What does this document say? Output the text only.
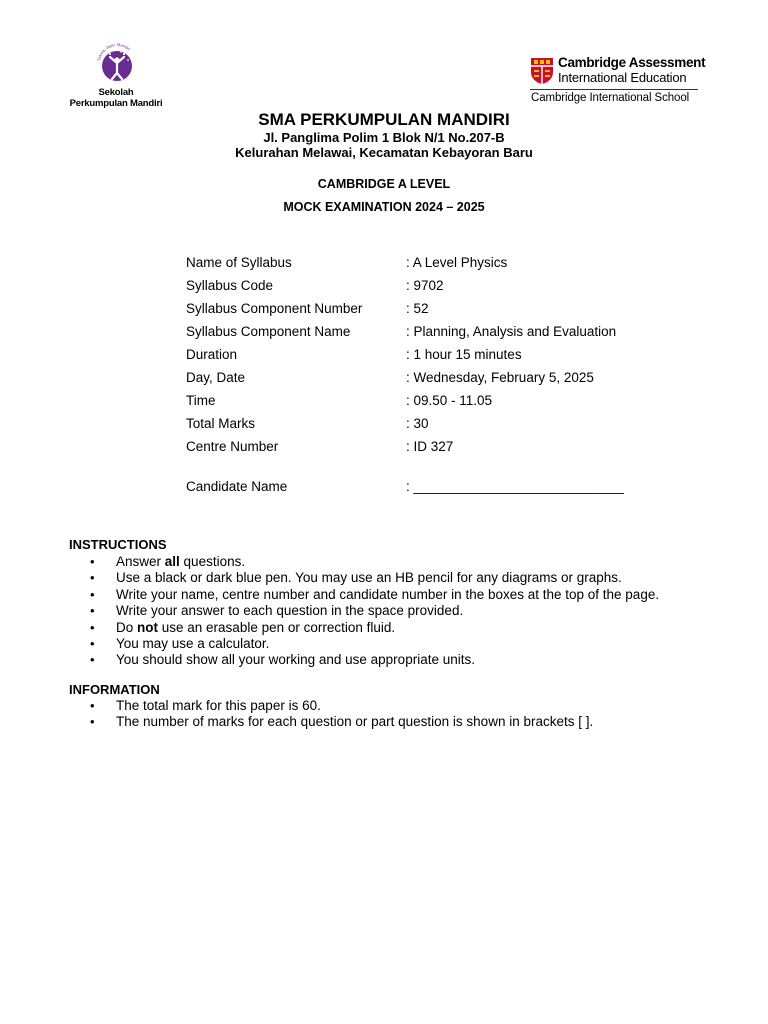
Takwa, Jujur, Mandiri
Sekolah
Perkumpulan Mandiri
Cambridge Assessment
International Education
Cambridge International School
SMA PERKUMPULAN MANDIRI
Jl. Panglima Polim 1 Blok N/1 No.207-B
Kelurahan Melawai, Kecamatan Kebayoran Baru
CAMBRIDGE A LEVEL
MOCK EXAMINATION 2024 – 2025
Name of Syllabus	: A Level Physics
Syllabus Code	: 9702
Syllabus Component Number	: 52
Syllabus Component Name	: Planning, Analysis and Evaluation
Duration	: 1 hour 15 minutes
Day, Date	: Wednesday, February 5, 2025
Time	: 09.50 - 11.05
Total Marks	: 30
Centre Number	: ID 327
Candidate Name	: ____________________________
INSTRUCTIONS
• Answer all questions.
• Use a black or dark blue pen. You may use an HB pencil for any diagrams or graphs.
• Write your name, centre number and candidate number in the boxes at the top of the page.
• Write your answer to each question in the space provided.
• Do not use an erasable pen or correction fluid.
• You may use a calculator.
• You should show all your working and use appropriate units.
INFORMATION
• The total mark for this paper is 60.
• The number of marks for each question or part question is shown in brackets [ ].
